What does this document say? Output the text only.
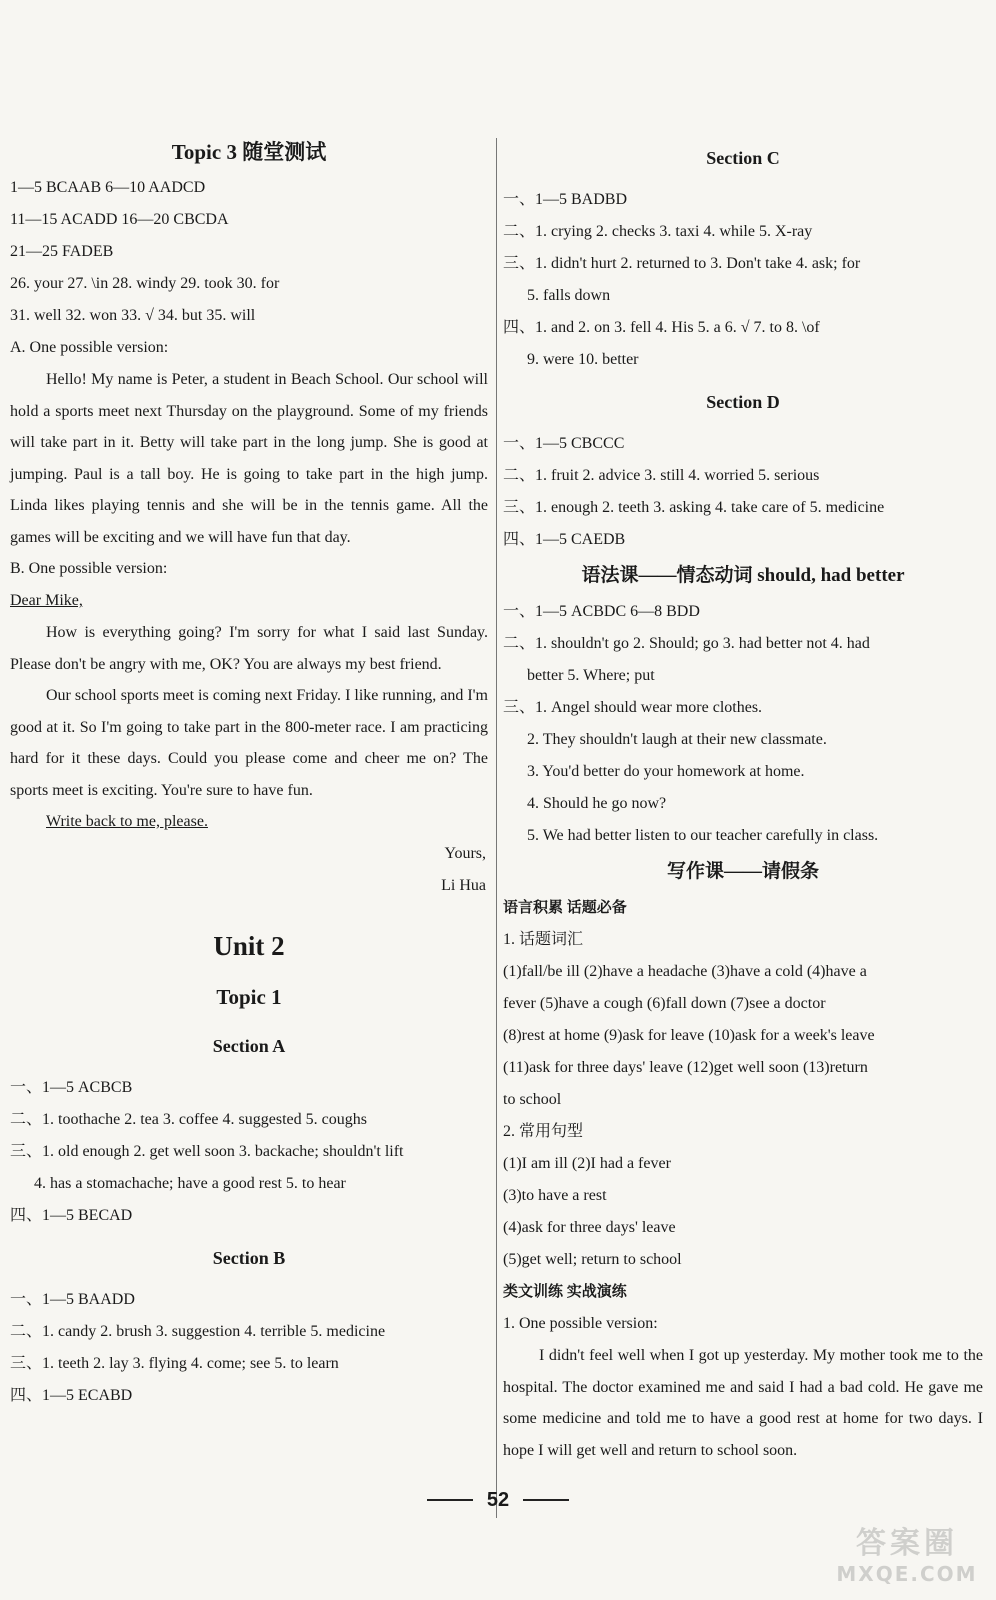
Topic 3 随堂测试
1—5 BCAAB 6—10 AADCD
11—15 ACADD 16—20 CBCDA
21—25 FADEB
26. your 27. \in 28. windy 29. took 30. for
31. well 32. won 33. √ 34. but 35. will
A. One possible version:
Hello! My name is Peter, a student in Beach School. Our school will hold a sports meet next Thursday on the playground. Some of my friends will take part in it. Betty will take part in the long jump. She is good at jumping. Paul is a tall boy. He is going to take part in the high jump. Linda likes playing tennis and she will be in the tennis game. All the games will be exciting and we will have fun that day.
B. One possible version:
Dear Mike,
How is everything going? I'm sorry for what I said last Sunday. Please don't be angry with me, OK? You are always my best friend.
Our school sports meet is coming next Friday. I like running, and I'm good at it. So I'm going to take part in the 800-meter race. I am practicing hard for it these days. Could you please come and cheer me on? The sports meet is exciting. You're sure to have fun.
Write back to me, please.
Yours,
Li Hua
Unit 2
Topic 1
Section A
一、1—5 ACBCB
二、1. toothache 2. tea 3. coffee 4. suggested 5. coughs
三、1. old enough 2. get well soon 3. backache; shouldn't lift
4. has a stomachache; have a good rest 5. to hear
四、1—5 BECAD
Section B
一、1—5 BAADD
二、1. candy 2. brush 3. suggestion 4. terrible 5. medicine
三、1. teeth 2. lay 3. flying 4. come; see 5. to learn
四、1—5 ECABD
Section C
一、1—5 BADBD
二、1. crying 2. checks 3. taxi 4. while 5. X-ray
三、1. didn't hurt 2. returned to 3. Don't take 4. ask; for
5. falls down
四、1. and 2. on 3. fell 4. His 5. a 6. √ 7. to 8. \of
9. were 10. better
Section D
一、1—5 CBCCC
二、1. fruit 2. advice 3. still 4. worried 5. serious
三、1. enough 2. teeth 3. asking 4. take care of 5. medicine
四、1—5 CAEDB
语法课——情态动词 should, had better
一、1—5 ACBDC 6—8 BDD
二、1. shouldn't go 2. Should; go 3. had better not 4. had
better 5. Where; put
三、1. Angel should wear more clothes.
2. They shouldn't laugh at their new classmate.
3. You'd better do your homework at home.
4. Should he go now?
5. We had better listen to our teacher carefully in class.
写作课——请假条
语言积累 话题必备
1. 话题词汇
(1)fall/be ill (2)have a headache (3)have a cold (4)have a
fever (5)have a cough (6)fall down (7)see a doctor
(8)rest at home (9)ask for leave (10)ask for a week's leave
(11)ask for three days' leave (12)get well soon (13)return
to school
2. 常用句型
(1)I am ill (2)I had a fever
(3)to have a rest
(4)ask for three days' leave
(5)get well; return to school
类文训练 实战演练
1. One possible version:
I didn't feel well when I got up yesterday. My mother took me to the hospital. The doctor examined me and said I had a bad cold. He gave me some medicine and told me to have a good rest at home for two days. I hope I will get well and return to school soon.
52
答案圈
MXQE.COM
